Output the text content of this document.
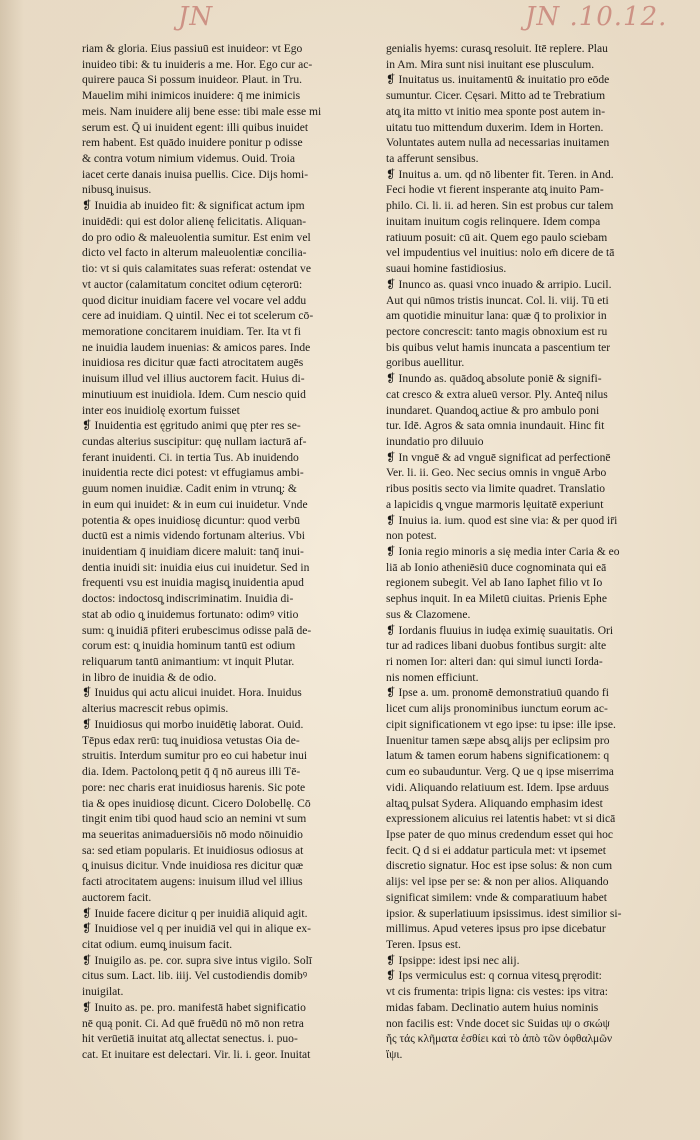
JN	JN .10.12.
riam & gloria. Eius passiuū est inuideor: vt Ego
inuideo tibi: & tu inuideris a me. Hor. Ego cur ac-
quirere pauca Si possum inuideor. Plaut. in Tru.
Mauelim mihi inimicos inuidere: q̄ me inimicis
meis. Nam inuidere alij bene esse: tibi male esse mi
serum est. Q̄ ui inuident egent: illi quibus inuidet
rem habent. Est quādo inuidere ponitur p odisse
& contra votum nimium videmus. Ouid. Troia
iacet certe danais inuisa puellis. Cice. Dijs homi-
nibusq̧ inuisus.
❡ Inuidia ab inuideo fit: & significat actum ipm
inuidēdi: qui est dolor alienę felicitatis. Aliquan-
do pro odio & maleuolentia sumitur. Est enim vel
dicto vel facto in alterum maleuolentiæ concilia-
tio: vt si quis calamitates suas referat: ostendat ve
vt auctor (calamitatum concitet odium cęterorū:
quod dicitur inuidiam facere vel vocare vel addu
cere ad inuidiam. Q uintil. Nec ei tot scelerum cō-
memoratione concitarem inuidiam. Ter. Ita vt fi
ne inuidia laudem inuenias: & amicos pares. Inde
inuidiosa res dicitur quæ facti atrocitatem augēs
inuisum illud vel illius auctorem facit. Huius di-
minutiuum est inuidiola. Idem. Cum nescio quid
inter eos inuidiolę exortum fuisset
❡ Inuidentia est ęgritudo animi quę pter res se-
cundas alterius suscipitur: quę nullam iacturā af-
ferant inuidenti. Ci. in tertia Tus. Ab inuidendo
inuidentia recte dici potest: vt effugiamus ambi-
guum nomen inuidiæ. Cadit enim in vtrunq̧: &
in eum qui inuidet: & in eum cui inuidetur. Vnde
potentia & opes inuidiosę dicuntur: quod verbū
ductū est a nimis videndo fortunam alterius. Vbi
inuidentiam q̄ inuidiam dicere maluit: tanq̄ inui-
dentia inuidi sit: inuidia eius cui inuidetur. Sed in
frequenti vsu est inuidia magisq̧ inuidentia apud
doctos: indoctosq̧ indiscriminatim. Inuidia di-
stat ab odio q̧ inuidemus fortunato: odimꝰ vitio
sum: q̧ inuidiā pfiteri erubescimus odisse palā de-
corum est: q̧ inuidia hominum tantū est odium
reliquarum tantū animantium: vt inquit Plutar.
in libro de inuidia & de odio.
❡ Inuidus qui actu alicui inuidet. Hora. Inuidus
alterius macrescit rebus opimis.
❡ Inuidiosus qui morbo inuidētię laborat. Ouid.
Tēpus edax rerū: tuq̧ inuidiosa vetustas Oia de-
struitis. Interdum sumitur pro eo cui habetur inui
dia. Idem. Pactolonq̧ petit q̄ q̄ nō aureus illi Tē-
pore: nec charis erat inuidiosus harenis. Sic pote
tia & opes inuidiosę dicunt. Cicero Dolobellę. Cō
tingit enim tibi quod haud scio an nemini vt sum
ma seueritas animaduersiōis nō modo nōinuidio
sa: sed etiam popularis. Et inuidiosus odiosus at
q̧ inuisus dicitur. Vnde inuidiosa res dicitur quæ
facti atrocitatem augens: inuisum illud vel illius
auctorem facit.
❡ Inuide facere dicitur q per inuidiā aliquid agit.
❡ Inuidiose vel q per inuidiā vel qui in alique ex-
citat odium. eumq̧ inuisum facit.
❡ Inuigilo as. pe. cor. supra sive intus vigilo. Solī
citus sum. Lact. lib. iiij. Vel custodiendis domibꝰ
inuigilat.
❡ Inuito as. pe. pro. manifestā habet significatio
nē quą ponit. Ci. Ad quē fruēdū nō mō non retra
hit verūetiā inuitat atq̧ allectat senectus. i. puo-
cat. Et inuitare est delectari. Vir. li. i. geor. Inuitat
genialis hyems: curasq̧ resoluit. Itē replere. Plau
in Am. Mira sunt nisi inuitant ese plusculum.
❡ Inuitatus us. inuitamentū & inuitatio pro eōde
sumuntur. Cicer. Cęsari. Mitto ad te Trebratium
atq̧ ita mitto vt initio mea sponte post autem in-
uitatu tuo mittendum duxerim. Idem in Horten.
Voluntates autem nulla ad necessarias inuitamen
ta afferunt sensibus.
❡ Inuitus a. um. qd nō libenter fit. Teren. in And.
Feci hodie vt fierent insperante atq̧ inuito Pam-
philo. Ci. li. ii. ad heren. Sin est probus cur talem
inuitam inuitum cogis relinquere. Idem compa
ratiuum posuit: cū ait. Quem ego paulo sciebam
vel impudentius vel inuitius: nolo em̄ dicere de tā
suaui homine fastidiosius.
❡ Inunco as. quasi vnco inuado & arripio. Lucil.
Aut qui nūmos tristis inuncat. Col. li. viij. Tū eti
am quotidie minuitur lana: quæ q̄ to prolixior in
pectore concrescit: tanto magis obnoxium est ru
bis quibus velut hamis inuncata a pascentium ter
goribus auellitur.
❡ Inundo as. quādoq̧ absolute poniē & signifi-
cat cresco & extra alueū versor. Ply. Anteq̄ nilus
inundaret. Quandoq̧ actiue & pro ambulo poni
tur. Idē. Agros & sata omnia inundauit. Hinc fit
inundatio pro diluuio
❡ In vnguē & ad vnguē significat ad perfectionē
Ver. li. ii. Geo. Nec secius omnis in vnguē Arbo
ribus positis secto via limite quadret. Translatio
a lapicidis q̧ vngue marmoris lęuitatē experiunt
❡ Inuius ia. ium. quod est sine via: & per quod ir̄i
non potest.
❡ Ionia regio minoris a się media inter Caria & eo
liā ab Ionio atheniēsiū duce cognominata qui eā
regionem subegit. Vel ab Iano Iaphet filio vt Io
sephus inquit. In ea Miletū ciuitas. Prienis Ephe
sus & Clazomene.
❡ Iordanis fluuius in iudęa eximię suauitatis. Ori
tur ad radices libani duobus fontibus surgit: alte
ri nomen Ior: alteri dan: qui simul iuncti Iorda-
nis nomen efficiunt.
❡ Ipse a. um. pronomē demonstratiuū quando fi
licet cum alijs pronominibus iunctum eorum ac-
cipit significationem vt ego ipse: tu ipse: ille ipse.
Inuenitur tamen sæpe absq̧ alijs per eclipsim pro
latum & tamen eorum habens significationem: q
cum eo subauduntur. Verg. Q ue q ipse miserrima
vidi. Aliquando relatiuum est. Idem. Ipse arduus
altaq̧ pulsat Sydera. Aliquando emphasim idest
expressionem alicuius rei latentis habet: vt si dicā
Ipse pater de quo minus credendum esset qui hoc
fecit. Q d si ei addatur particula met: vt ipsemet
discretio signatur. Hoc est ipse solus: & non cum
alijs: vel ipse per se: & non per alios. Aliquando
significat similem: vnde & comparatiuum habet
ipsior. & superlatiuum ipsissimus. idest similior si-
millimus. Apud veteres ipsus pro ipse dicebatur
Teren. Ipsus est.
❡ Ipsippe: idest ipsi nec alij.
❡ Ips vermiculus est: q cornua vitesq̧ pręrodit:
vt cis frumenta: tripis ligna: cis vestes: ips vitra:
midas fabam. Declinatio autem huius nominis
non facilis est: Vnde docet sic Suidas ιψ ο σκώψ
ἥς τάς κλῆματα ἐσθίει καὶ τὸ ἀπὸ τῶν ὀφθαλμῶν
ἴψι.
